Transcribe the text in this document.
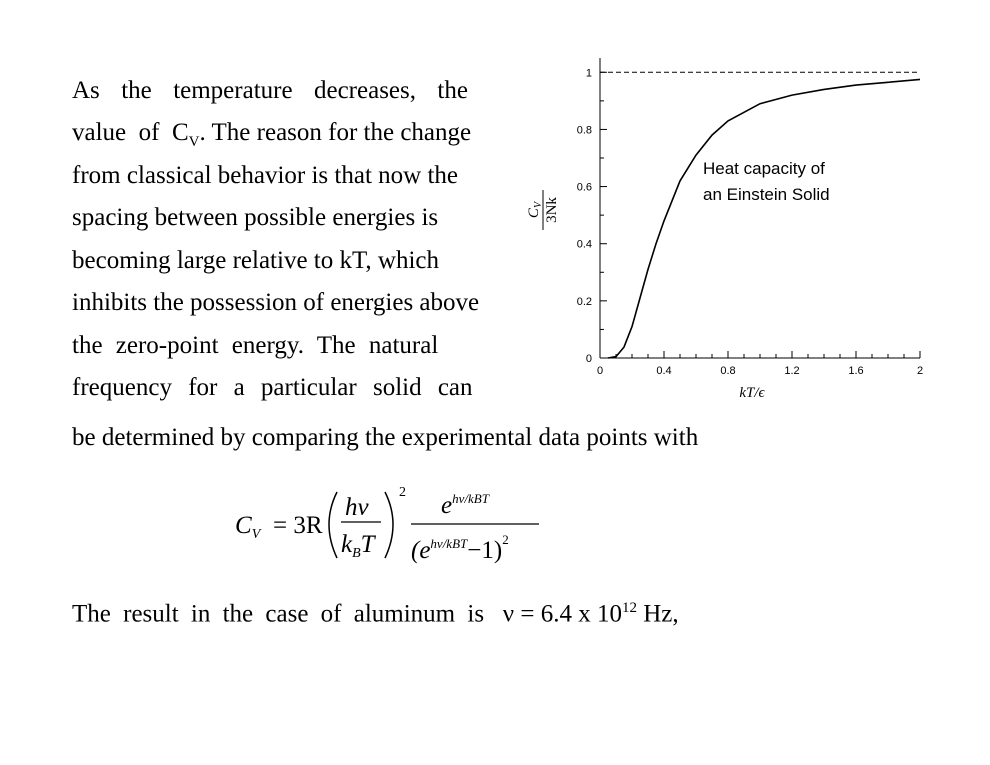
As the temperature decreases, the
value  of  $C_V$. The reason for the change
from classical behavior is that now the
spacing between possible energies is
becoming large relative to kT, which
inhibits the possession of energies above
the zero-point energy. The natural
frequency for a particular solid can
be determined by comparing the experimental data points with
0	0.4	0.8	1.2	1.6	2
0
0.2
0.4
0.6
0.8
1
Heat capacity of
an Einstein Solid
kT/ϵ
$C_V$ 3Nk
$C_V = 3R$
hν
$k_BT$
2 $e^{h\nu/kBT}$
$(e^{h\nu/kBT}-1)^2$
The result in the case of aluminum is ν = 6.4 x $10^{12}$ Hz,
